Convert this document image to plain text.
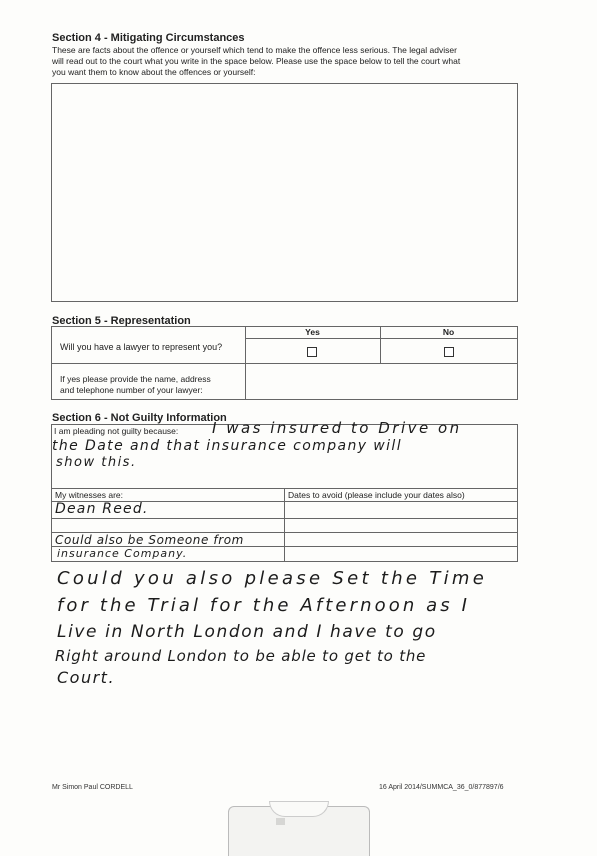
Section 4 - Mitigating Circumstances
These are facts about the offence or yourself which tend to make the offence less serious. The legal adviser
will read out to the court what you write in the space below. Please use the space below to tell the court what
you want them to know about the offences or yourself:
Section 5 - Representation
Yes	No
Will you have a lawyer to represent you?
If yes please provide the name, address
and telephone number of your lawyer:
Section 6 - Not Guilty Information
I am pleading not guilty because:
My witnesses are:	Dates to avoid (please include your dates also)
I was insured to Drive on
the Date and that insurance company will
show this.
Dean Reed.
Could also be Someone from
insurance Company.
Could you also please Set the Time
for the Trial for the Afternoon as I
Live in North London and I have to go
Right around London to be able to get to the
Court.
Mr Simon Paul CORDELL	16 April 2014/SUMMCA_36_0/877897/6
